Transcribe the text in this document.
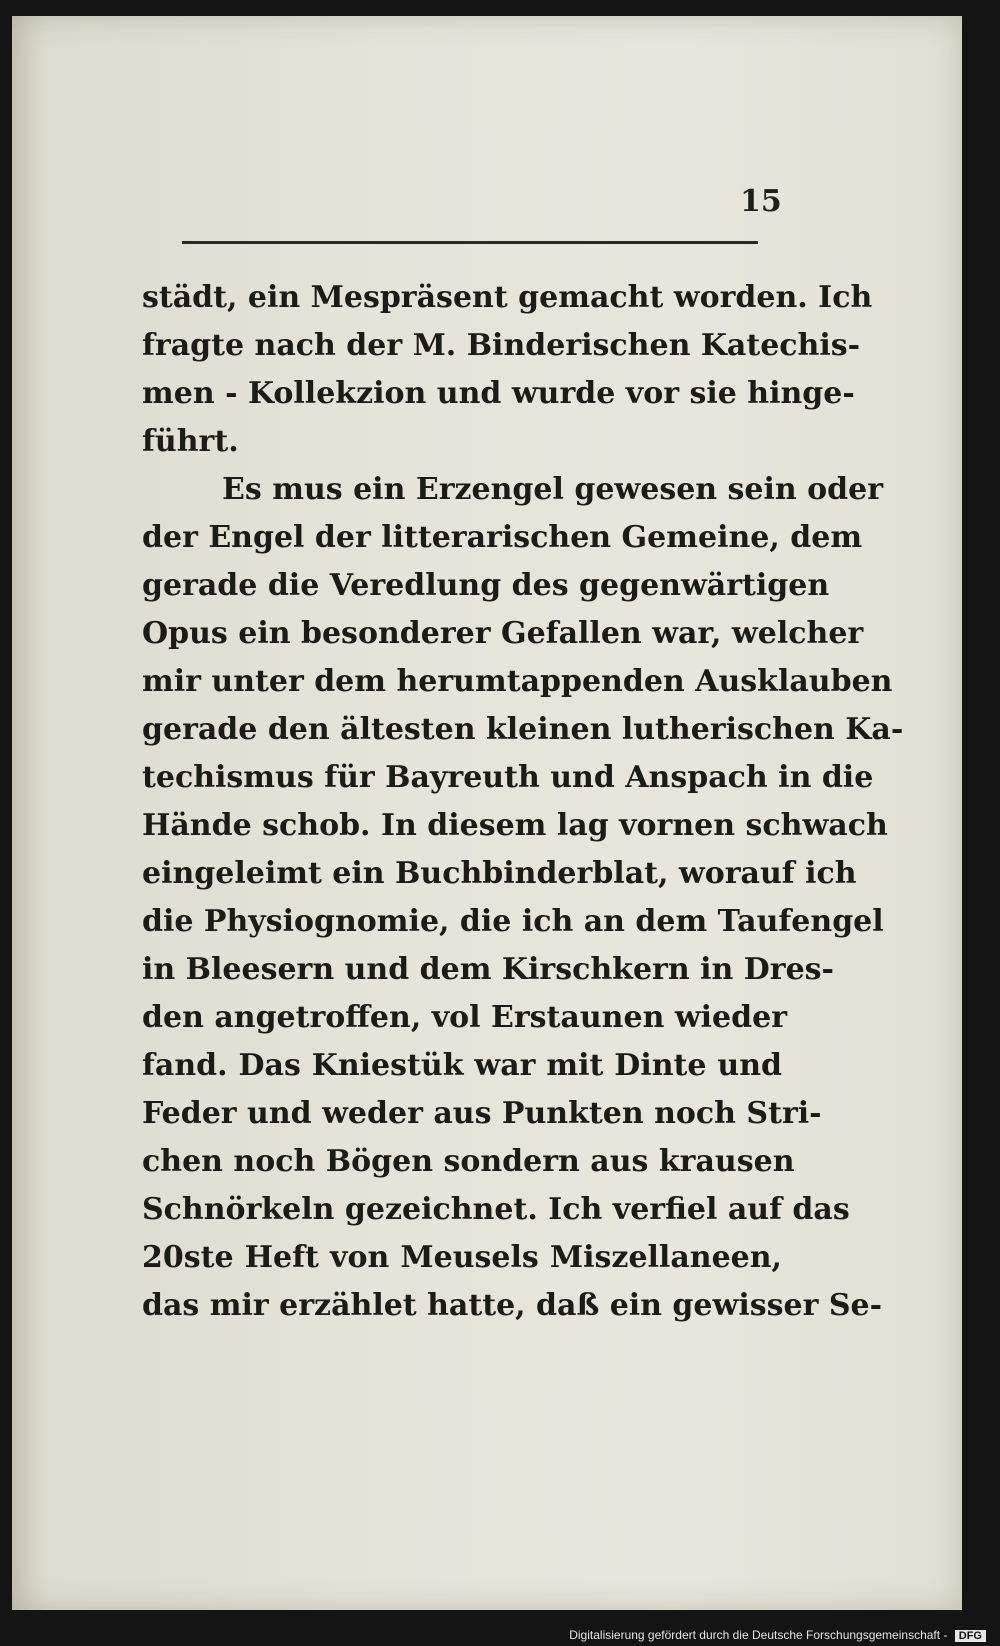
15
städt, ein Mespräsent gemacht worden. Ich
fragte nach der M. Binderischen Katechis-
men - Kollekzion und wurde vor sie hinge-
führt.
Es mus ein Erzengel gewesen sein oder
der Engel der litterarischen Gemeine, dem
gerade die Veredlung des gegenwärtigen
Opus ein besonderer Gefallen war, welcher
mir unter dem herumtappenden Ausklauben
gerade den ältesten kleinen lutherischen Ka-
techismus für Bayreuth und Anspach in die
Hände schob. In diesem lag vornen schwach
eingeleimt ein Buchbinderblat, worauf ich
die Physiognomie, die ich an dem Taufengel
in Bleesern und dem Kirschkern in Dres-
den angetroffen, vol Erstaunen wieder
fand. Das Kniestük war mit Dinte und
Feder und weder aus Punkten noch Stri-
chen noch Bögen sondern aus krausen
Schnörkeln gezeichnet. Ich verfiel auf das
20ste Heft von Meusels Miszellaneen,
das mir erzählet hatte, daß ein gewisser Se-
Digitalisierung gefördert durch die Deutsche Forschungsgemeinschaft - DFG
